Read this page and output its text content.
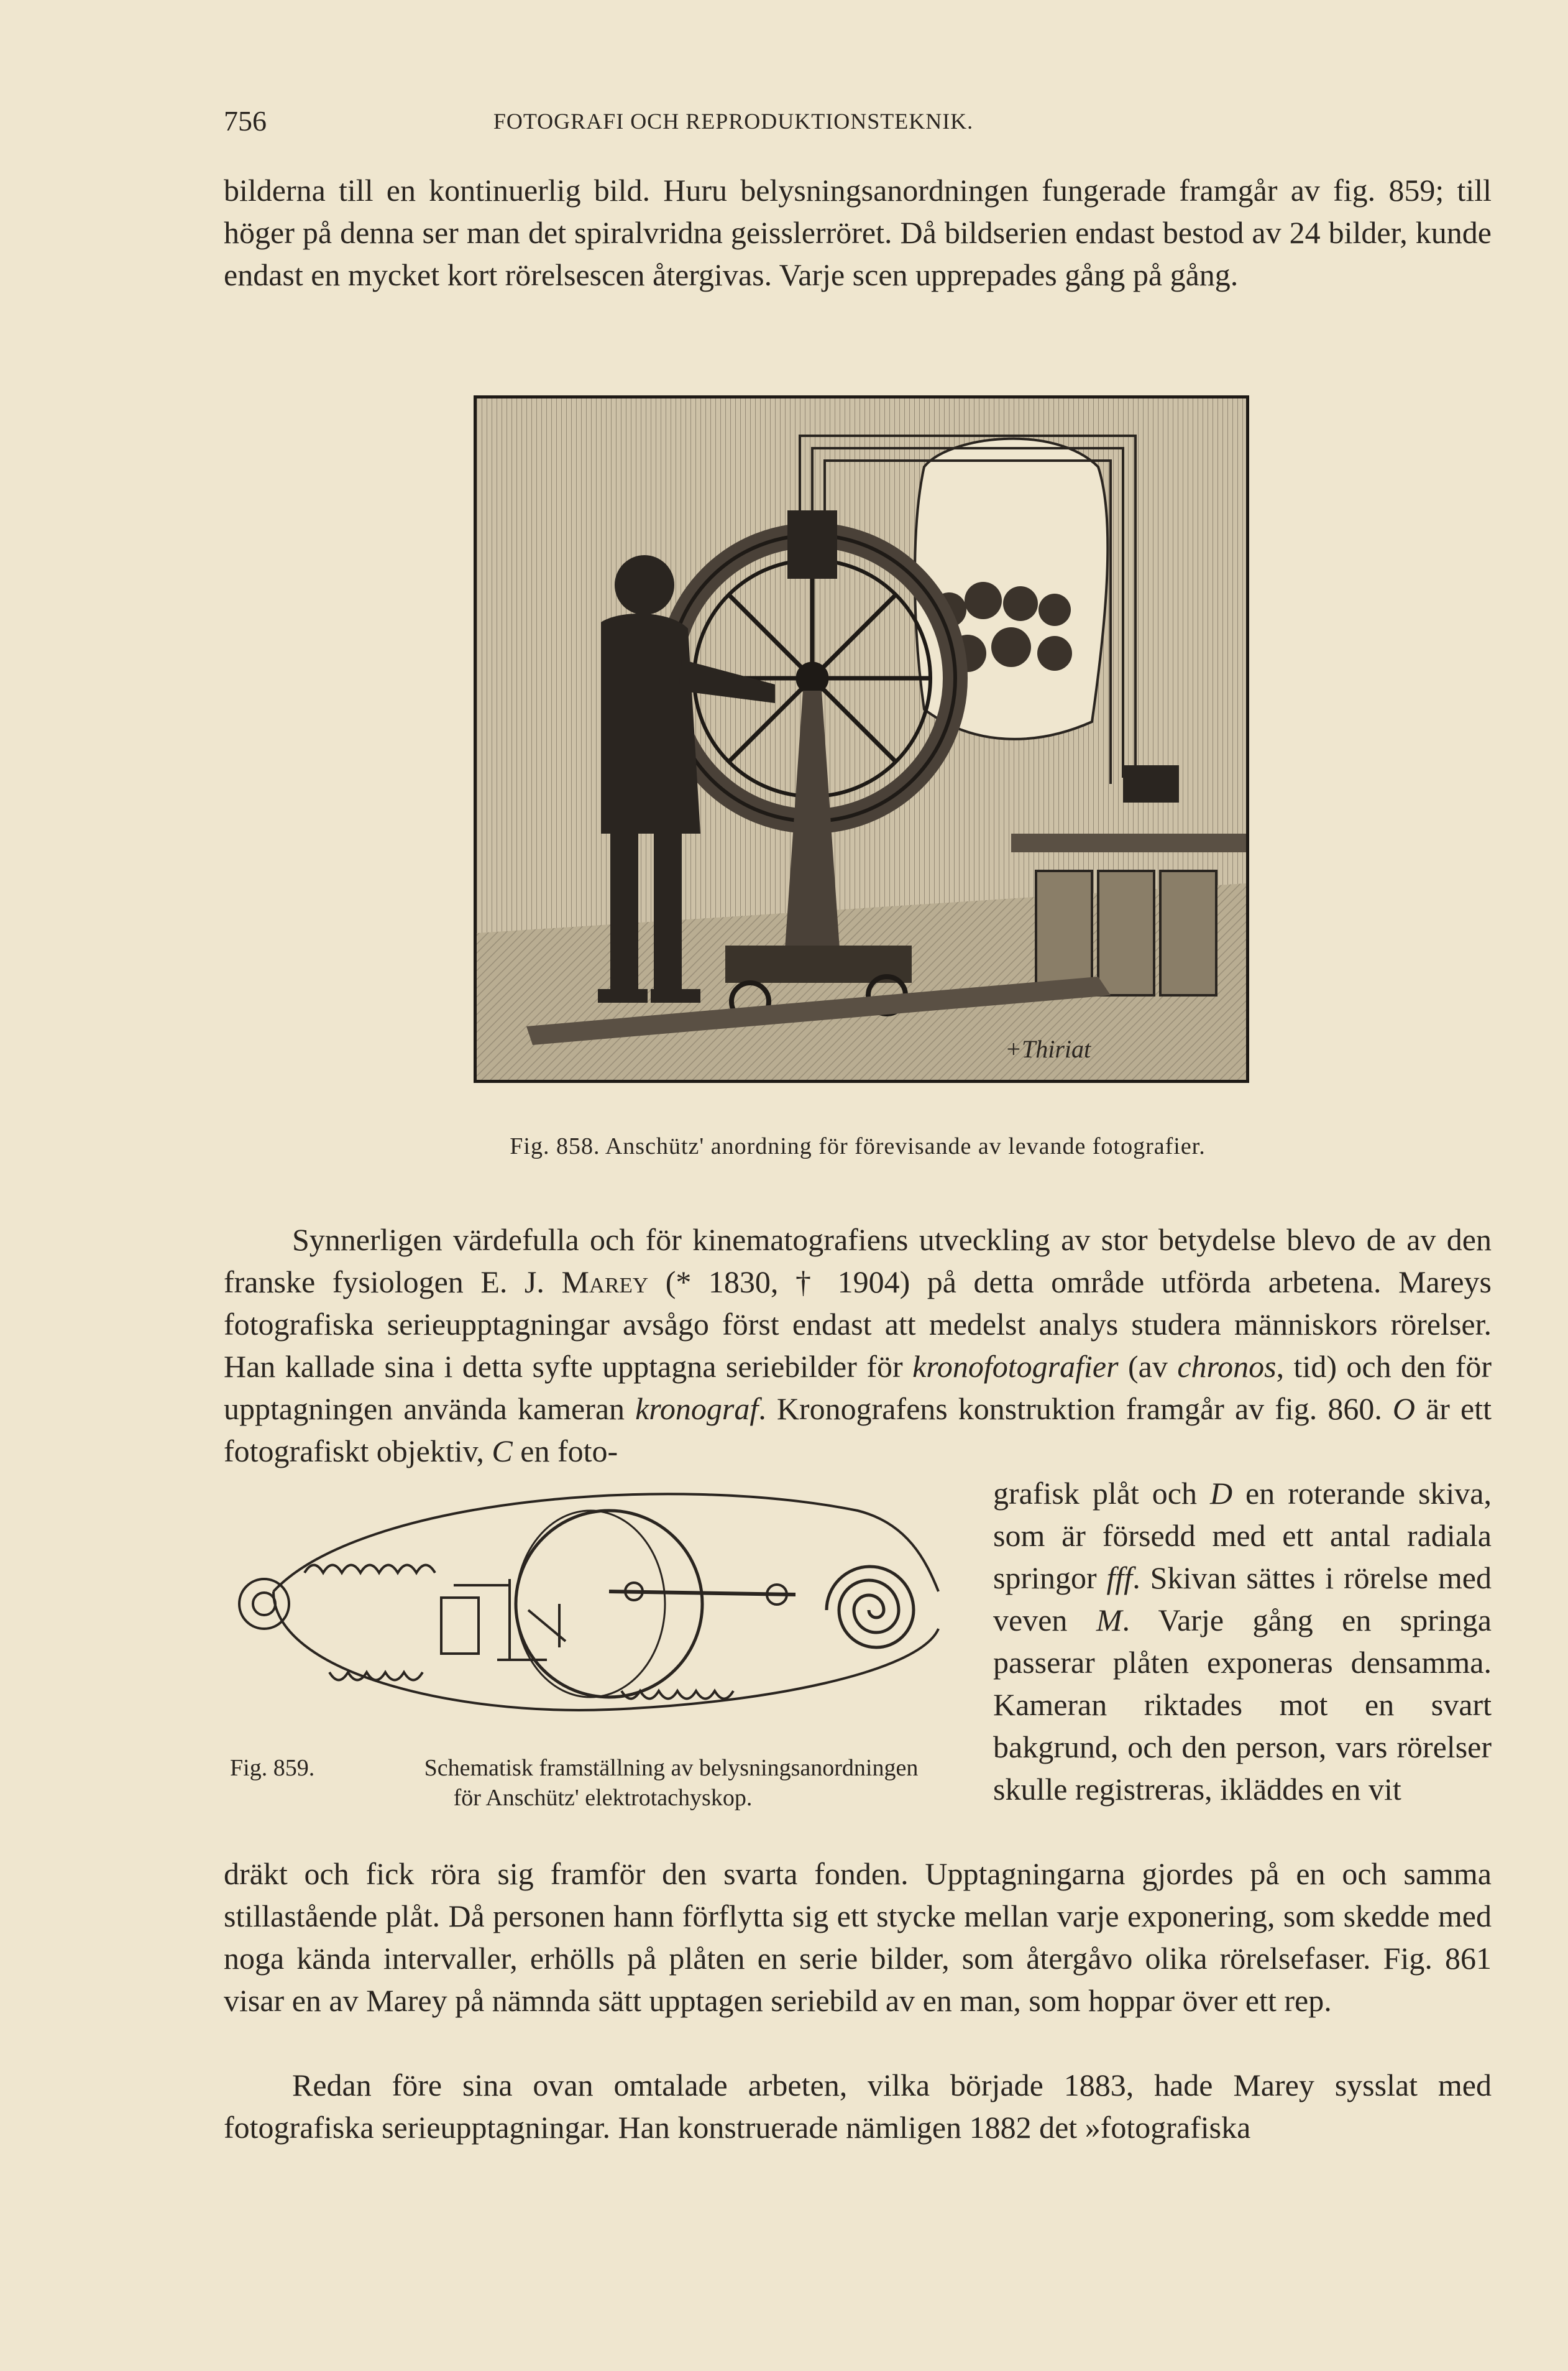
756	FOTOGRAFI OCH REPRODUKTIONSTEKNIK.

bilderna till en kontinuerlig bild. Huru belysningsanordningen fungerade framgår av fig. 859; till höger på denna ser man det spiralvridna geisslerröret. Då bildserien endast bestod av 24 bilder, kunde endast en mycket kort rörelsescen återgivas. Varje scen upprepades gång på gång.

+Thiriat
Fig. 858. Anschütz' anordning för förevisande av levande fotografier.

Synnerligen värdefulla och för kinematografiens utveckling av stor betydelse blevo de av den franske fysiologen E. J. Marey (* 1830, † 1904) på detta område utförda arbetena. Mareys fotografiska serieupptagningar avsågo först endast att medelst analys studera människors rörelser. Han kallade sina i detta syfte upptagna seriebilder för kronofotografier (av chronos, tid) och den för upptagningen använda kameran kronograf. Kronografens konstruktion framgår av fig. 860. O är ett fotografiskt objektiv, C en foto-

Fig. 859.	Schematisk framställning av belysningsanordningen
för Anschütz' elektrotachyskop.

grafisk plåt och D en roterande skiva, som är försedd med ett antal radiala springor fff. Skivan sättes i rörelse med veven M. Varje gång en springa passerar plåten exponeras densamma. Kameran riktades mot en svart bakgrund, och den person, vars rörelser skulle registreras, ikläddes en vit

dräkt och fick röra sig framför den svarta fonden. Upptagningarna gjordes på en och samma stillastående plåt. Då personen hann förflytta sig ett stycke mellan varje exponering, som skedde med noga kända intervaller, erhölls på plåten en serie bilder, som återgåvo olika rörelsefaser. Fig. 861 visar en av Marey på nämnda sätt upptagen seriebild av en man, som hoppar över ett rep.

Redan före sina ovan omtalade arbeten, vilka började 1883, hade Marey sysslat med fotografiska serieupptagningar. Han konstruerade nämligen 1882 det »fotografiska
